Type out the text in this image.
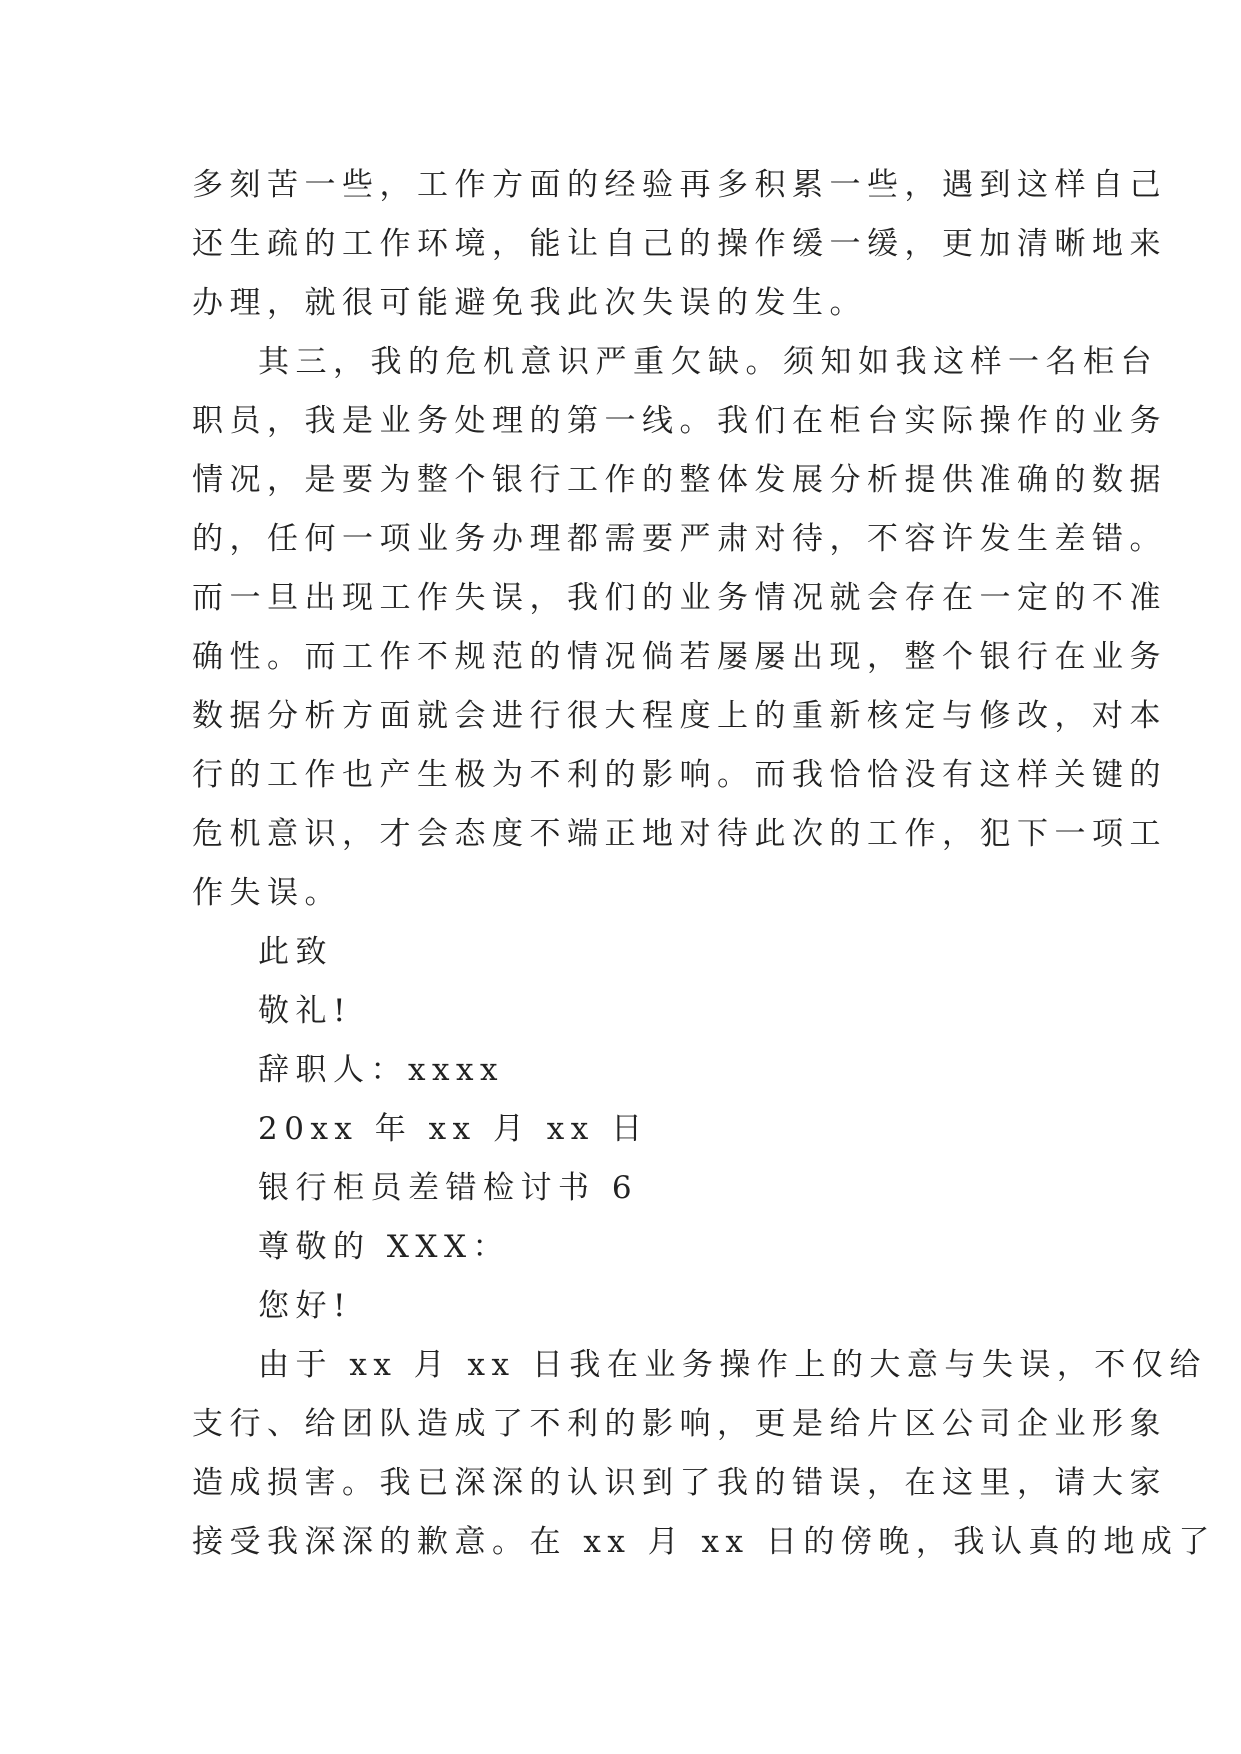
多刻苦一些，工作方面的经验再多积累一些，遇到这样自己
还生疏的工作环境，能让自己的操作缓一缓，更加清晰地来
办理，就很可能避免我此次失误的发生。
其三，我的危机意识严重欠缺。须知如我这样一名柜台
职员，我是业务处理的第一线。我们在柜台实际操作的业务
情况，是要为整个银行工作的整体发展分析提供准确的数据
的，任何一项业务办理都需要严肃对待，不容许发生差错。
而一旦出现工作失误，我们的业务情况就会存在一定的不准
确性。而工作不规范的情况倘若屡屡出现，整个银行在业务
数据分析方面就会进行很大程度上的重新核定与修改，对本
行的工作也产生极为不利的影响。而我恰恰没有这样关键的
危机意识，才会态度不端正地对待此次的工作，犯下一项工
作失误。
此致
敬礼!
辞职人：xxxx
20xx 年 xx 月 xx 日
银行柜员差错检讨书 6
尊敬的 XXX：
您好!
由于 xx 月 xx 日我在业务操作上的大意与失误，不仅给
支行、给团队造成了不利的影响，更是给片区公司企业形象
造成损害。我已深深的认识到了我的错误，在这里，请大家
接受我深深的歉意。在 xx 月 xx 日的傍晚，我认真的地成了
